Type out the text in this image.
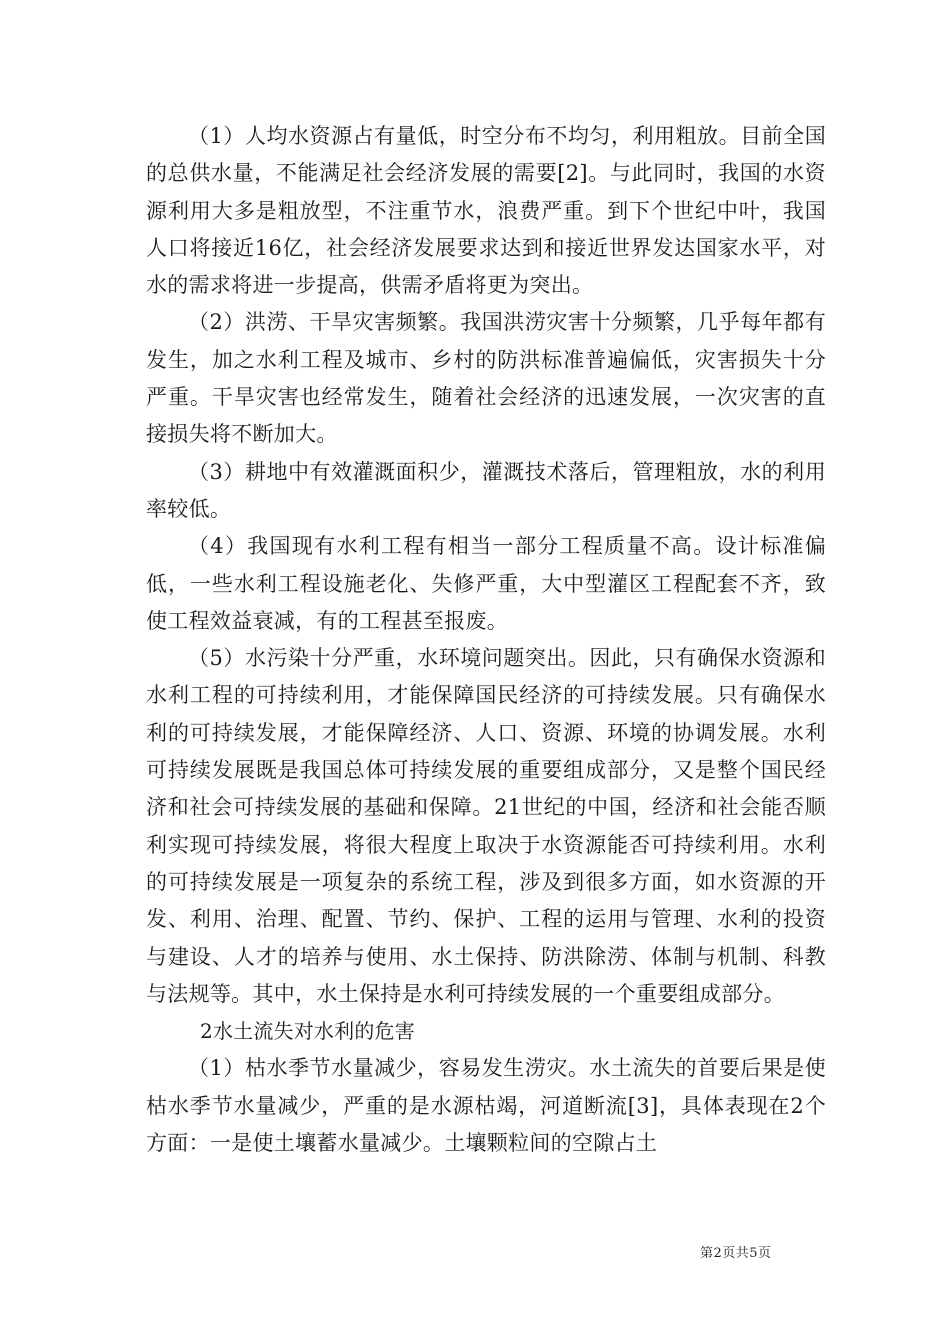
（1）人均水资源占有量低，时空分布不均匀，利用粗放。目前全国的总供水量，不能满足社会经济发展的需要[2]。与此同时，我国的水资源利用大多是粗放型，不注重节水，浪费严重。到下个世纪中叶，我国人口将接近16亿，社会经济发展要求达到和接近世界发达国家水平，对水的需求将进一步提高，供需矛盾将更为突出。

（2）洪涝、干旱灾害频繁。我国洪涝灾害十分频繁，几乎每年都有发生，加之水利工程及城市、乡村的防洪标准普遍偏低，灾害损失十分严重。干旱灾害也经常发生，随着社会经济的迅速发展，一次灾害的直接损失将不断加大。

（3）耕地中有效灌溉面积少，灌溉技术落后，管理粗放，水的利用率较低。

（4）我国现有水利工程有相当一部分工程质量不高。设计标准偏低，一些水利工程设施老化、失修严重，大中型灌区工程配套不齐，致使工程效益衰减，有的工程甚至报废。

（5）水污染十分严重，水环境问题突出。因此，只有确保水资源和水利工程的可持续利用，才能保障国民经济的可持续发展。只有确保水利的可持续发展，才能保障经济、人口、资源、环境的协调发展。水利可持续发展既是我国总体可持续发展的重要组成部分，又是整个国民经济和社会可持续发展的基础和保障。21世纪的中国，经济和社会能否顺利实现可持续发展，将很大程度上取决于水资源能否可持续利用。水利的可持续发展是一项复杂的系统工程，涉及到很多方面，如水资源的开发、利用、治理、配置、节约、保护、工程的运用与管理、水利的投资与建设、人才的培养与使用、水土保持、防洪除涝、体制与机制、科教与法规等。其中，水土保持是水利可持续发展的一个重要组成部分。

2水土流失对水利的危害

（1）枯水季节水量减少，容易发生涝灾。水土流失的首要后果是使枯水季节水量减少，严重的是水源枯竭，河道断流[3]，具体表现在2个方面：一是使土壤蓄水量减少。土壤颗粒间的空隙占土

第2页共5页
